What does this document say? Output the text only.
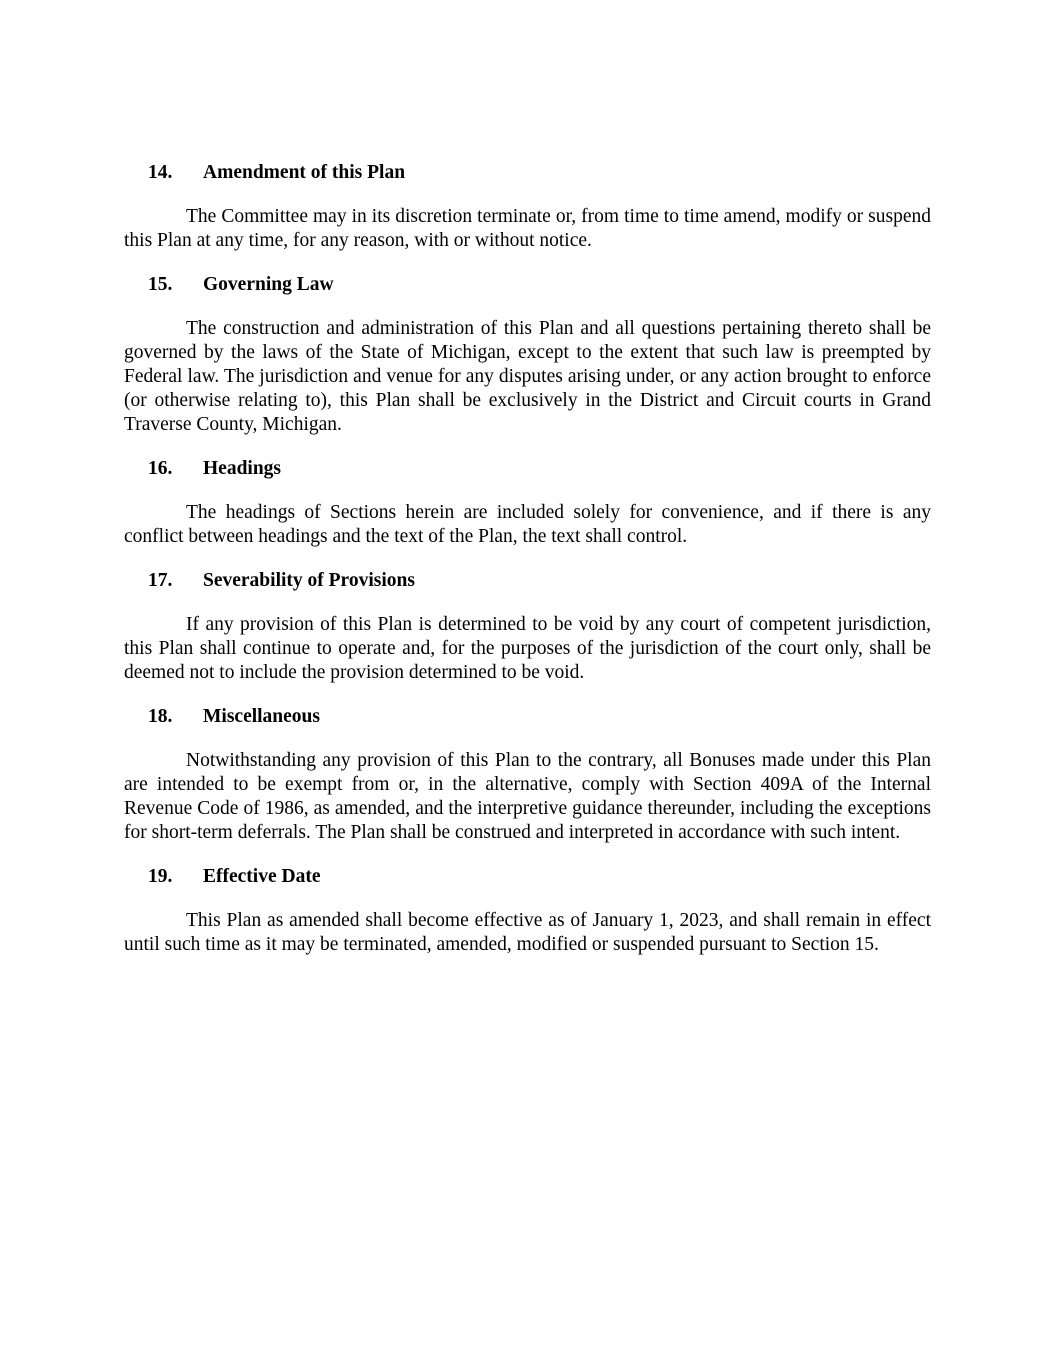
14.	Amendment of this Plan

The Committee may in its discretion terminate or, from time to time amend, modify or suspend this Plan at any time, for any reason, with or without notice.

15.	Governing Law

The construction and administration of this Plan and all questions pertaining thereto shall be governed by the laws of the State of Michigan, except to the extent that such law is preempted by Federal law. The jurisdiction and venue for any disputes arising under, or any action brought to enforce (or otherwise relating to), this Plan shall be exclusively in the District and Circuit courts in Grand Traverse County, Michigan.

16.	Headings

The headings of Sections herein are included solely for convenience, and if there is any conflict between headings and the text of the Plan, the text shall control.

17.	Severability of Provisions

If any provision of this Plan is determined to be void by any court of competent jurisdiction, this Plan shall continue to operate and, for the purposes of the jurisdiction of the court only, shall be deemed not to include the provision determined to be void.

18.	Miscellaneous

Notwithstanding any provision of this Plan to the contrary, all Bonuses made under this Plan are intended to be exempt from or, in the alternative, comply with Section 409A of the Internal Revenue Code of 1986, as amended, and the interpretive guidance thereunder, including the exceptions for short-term deferrals. The Plan shall be construed and interpreted in accordance with such intent.

19.	Effective Date

This Plan as amended shall become effective as of January 1, 2023, and shall remain in effect until such time as it may be terminated, amended, modified or suspended pursuant to Section 15.
